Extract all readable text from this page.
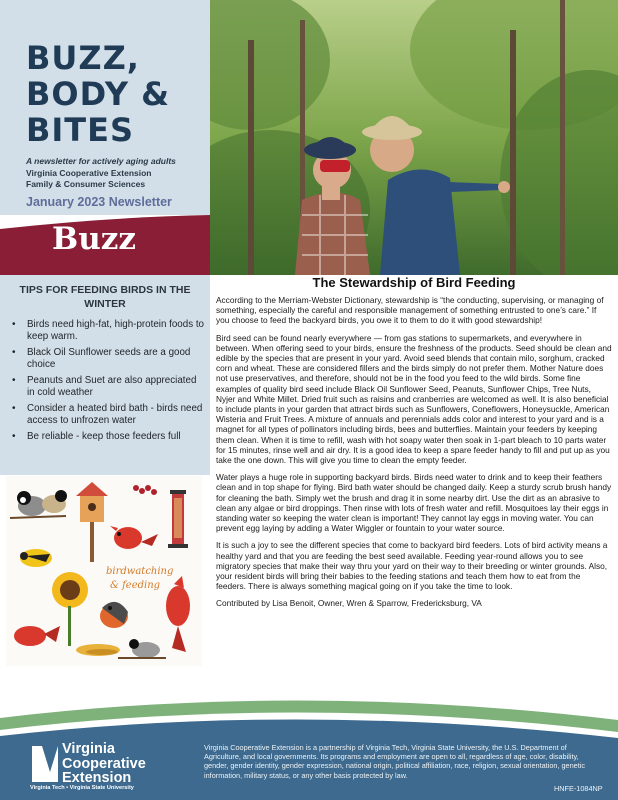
BUZZ,
BODY &
BITES

A newsletter for actively aging adults

Virginia Cooperative Extension

Family & Consumer Sciences

January 2023 Newsletter

Buzz

TIPS FOR FEEDING BIRDS IN THE WINTER
• Birds need high-fat, high-protein foods to keep warm.
• Black Oil Sunflower seeds are a good choice
• Peanuts and Suet are also appreciated in cold weather
• Consider a heated bird bath - birds need access to unfrozen water
• Be reliable - keep those feeders full
birdwatching
& feeding
The Stewardship of Bird Feeding

According to the Merriam-Webster Dictionary, stewardship is “the conducting, supervising, or managing of something, especially the careful and responsible management of something entrusted to one’s care.” If you choose to feed the backyard birds, you owe it to them to do it with good stewardship!

Bird seed can be found nearly everywhere — from gas stations to supermarkets, and everywhere in between. When offering seed to your birds, ensure the freshness of the products. Seed should be clean and edible by the species that are present in your yard. Avoid seed blends that contain milo, sorghum, cracked corn and wheat. These are considered fillers and the birds simply do not prefer them. Mother Nature does not use preservatives, and therefore, should not be in the food you feed to the wild birds. Some fine examples of quality bird seed include Black Oil Sunflower Seed, Peanuts, Sunflower Chips, Tree Nuts, Nyjer and White Millet. Dried fruit such as raisins and cranberries are welcomed as well. It is also beneficial to include plants in your garden that attract birds such as Sunflowers, Coneflowers, Honeysuckle, American Wisteria and Fruit Trees. A mixture of annuals and perennials adds color and interest to your yard and is a magnet for all types of pollinators including birds, bees and butterflies. Maintain your feeders by keeping them clean. When it is time to refill, wash with hot soapy water then soak in 1-part bleach to 10 parts water for 15 minutes, rinse well and air dry. It is a good idea to keep a spare feeder handy to fill and put up as you take the one down. This will give you time to clean the empty feeder.

Water plays a huge role in supporting backyard birds. Birds need water to drink and to keep their feathers clean and in top shape for flying. Bird bath water should be changed daily. Keep a sturdy scrub brush handy for cleaning the bath. Simply wet the brush and drag it in some nearby dirt. Use the dirt as an abrasive to clean any algae or bird droppings. Then rinse with lots of fresh water and refill. Mosquitoes lay their eggs in standing water so keeping the water clean is important! They cannot lay eggs in moving water. You can prevent egg laying by adding a Water Wiggler or fountain to your water source.

It is such a joy to see the different species that come to backyard bird feeders. Lots of bird activity means a healthy yard and that you are feeding the best seed available. Feeding year-round allows you to see migratory species that make their way thru your yard on their way to their breeding or winter grounds. Also, your resident birds will bring their babies to the feeding stations and teach them how to eat from the feeders. There is always something magical going on if you take the time to look.

Contributed by Lisa Benoit, Owner, Wren & Sparrow, Fredericksburg, VA

Virginia
Cooperative
Extension

Virginia Tech • Virginia State University

Virginia Cooperative Extension is a partnership of Virginia Tech, Virginia State University, the U.S. Department of Agriculture, and local governments. Its programs and employment are open to all, regardless of age, color, disability, gender, gender identity, gender expression, national origin, political affiliation, race, religion, sexual orientation, genetic information, military status, or any other basis protected by law.

HNFE-1084NP
